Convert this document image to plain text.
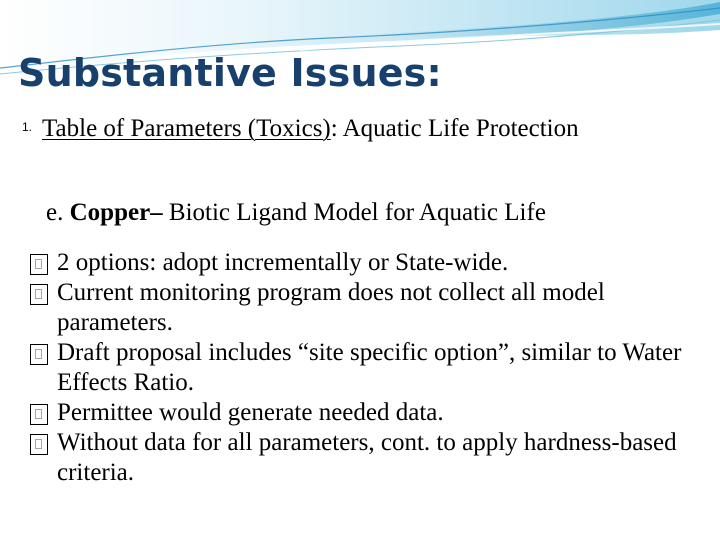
Substantive Issues:
1. Table of Parameters (Toxics): Aquatic Life Protection
e. Copper– Biotic Ligand Model for Aquatic Life
2 options: adopt incrementally or State-wide.
Current monitoring program does not collect all model parameters.
Draft proposal includes “site specific option”, similar to Water Effects Ratio.
Permittee would generate needed data.
Without data for all parameters, cont. to apply hardness-based criteria.
